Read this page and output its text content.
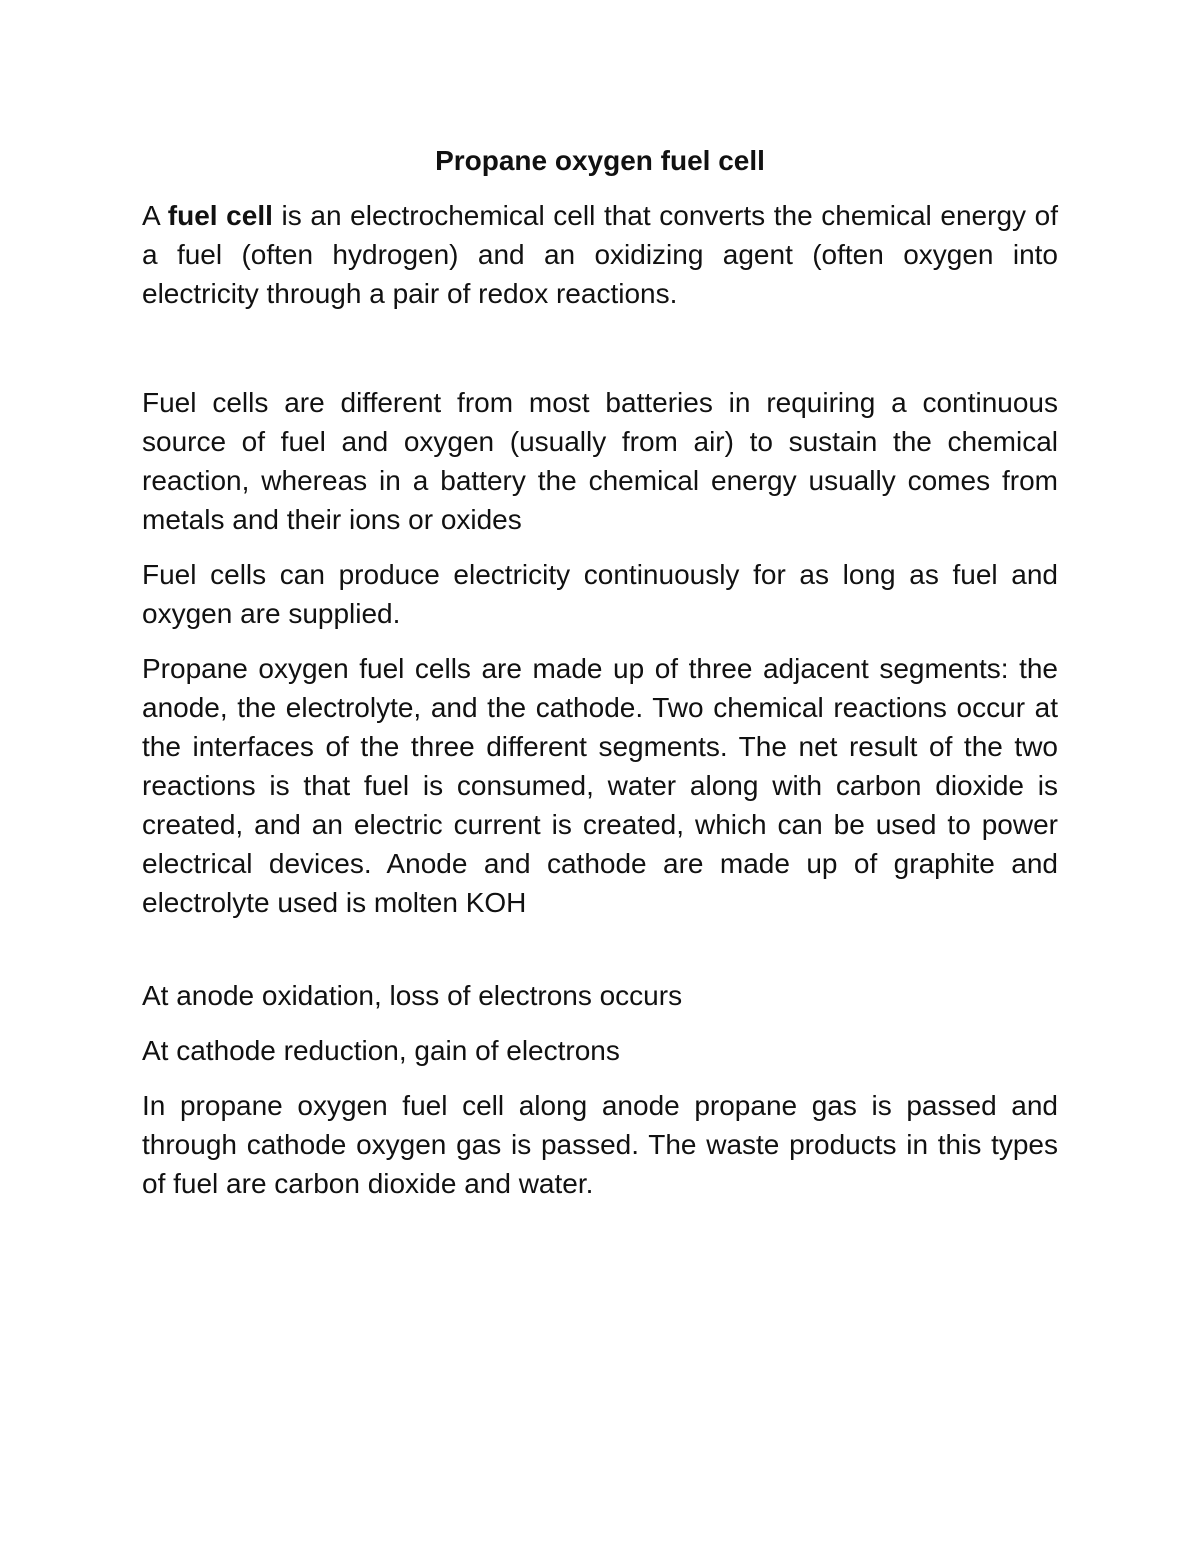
Propane oxygen fuel cell

A fuel cell is an electrochemical cell that converts the chemical energy of a fuel (often hydrogen) and an oxidizing agent (often oxygen into electricity through a pair of redox reactions.

Fuel cells are different from most batteries in requiring a continuous source of fuel and oxygen (usually from air) to sustain the chemical reaction, whereas in a battery the chemical energy usually comes from metals and their ions or oxides

Fuel cells can produce electricity continuously for as long as fuel and oxygen are supplied.

Propane oxygen fuel cells are made up of three adjacent segments: the anode, the electrolyte, and the cathode. Two chemical reactions occur at the interfaces of the three different segments. The net result of the two reactions is that fuel is consumed, water along with carbon dioxide is created, and an electric current is created, which can be used to power electrical devices. Anode and cathode are made up of graphite and electrolyte used is molten KOH

At anode oxidation, loss of electrons occurs

At cathode reduction, gain of electrons

In propane oxygen fuel cell along anode propane gas is passed and through cathode oxygen gas is passed. The waste products in this types of fuel are carbon dioxide and water.
